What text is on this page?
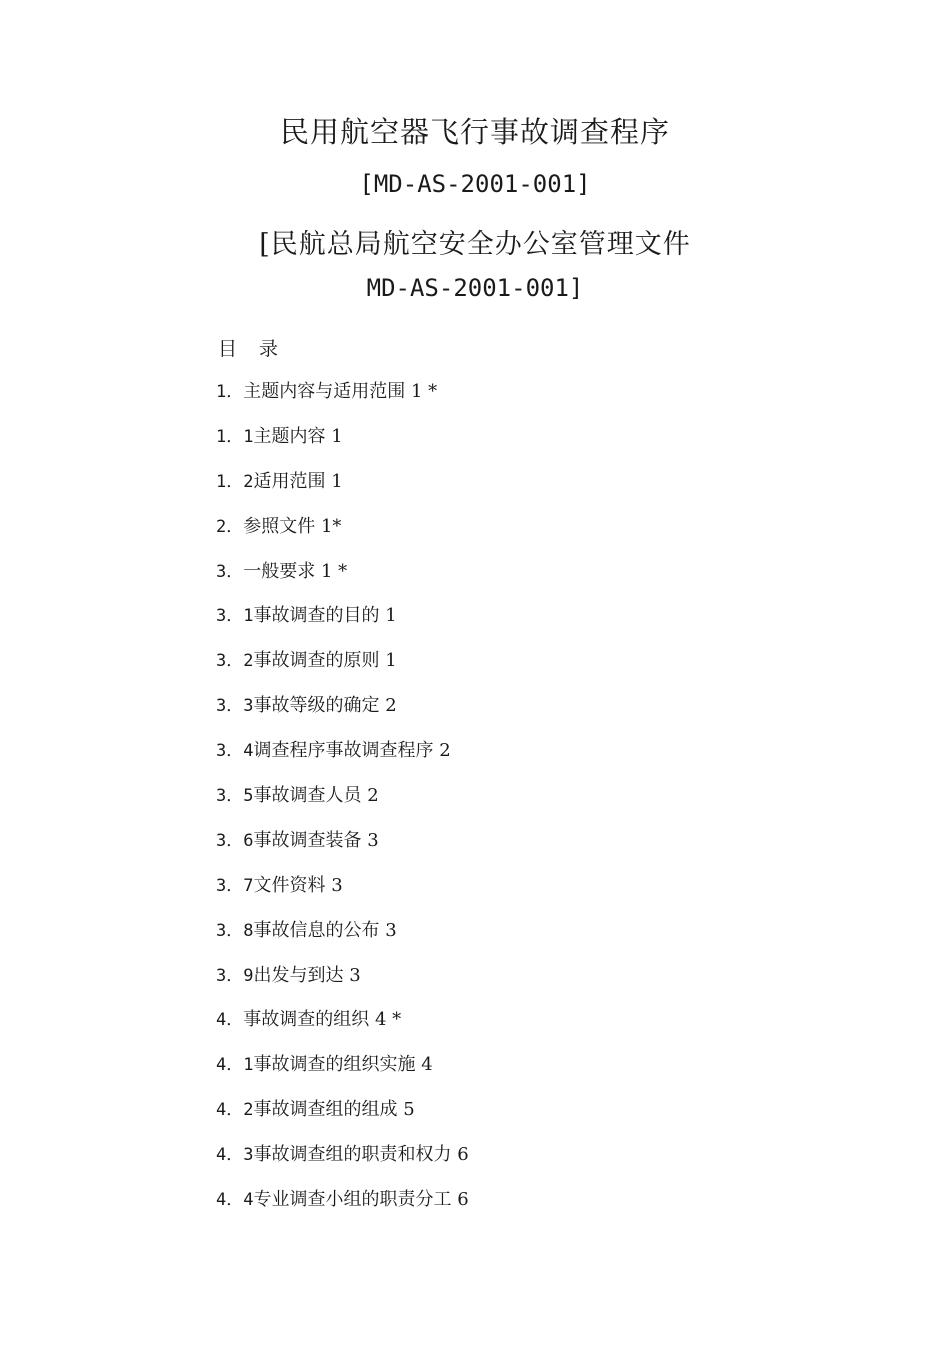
民用航空器飞行事故调查程序
[MD-AS-2001-001]
[民航总局航空安全办公室管理文件
MD-AS-2001-001]
目 录
1．主题内容与适用范围 1 *
1．1主题内容 1
1．2适用范围 1
2．参照文件 1*
3．一般要求 1 *
3．1事故调查的目的 1
3．2事故调查的原则 1
3．3事故等级的确定 2
3．4调查程序事故调查程序 2
3．5事故调查人员 2
3．6事故调查装备 3
3．7文件资料 3
3．8事故信息的公布 3
3．9出发与到达 3
4．事故调查的组织 4 *
4．1事故调查的组织实施 4
4．2事故调查组的组成 5
4．3事故调查组的职责和权力 6
4．4专业调查小组的职责分工 6
